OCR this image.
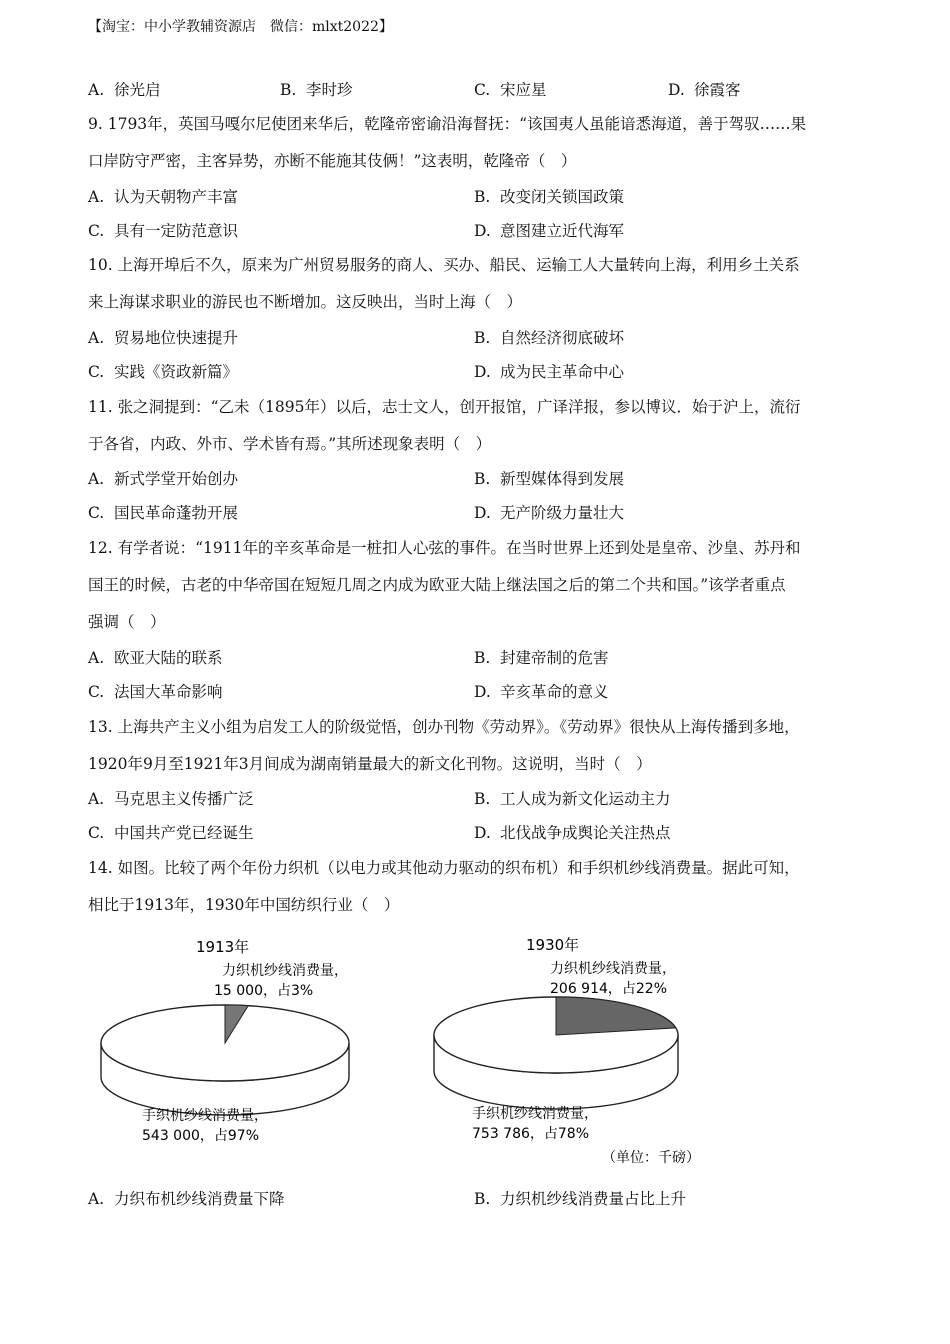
【淘宝：中小学教辅资源店　微信：mlxt2022】
A. 徐光启	B. 李时珍	C. 宋应星	D. 徐霞客
9. 1793年，英国马嘎尔尼使团来华后，乾隆帝密谕沿海督抚：“该国夷人虽能谙悉海道，善于驾驭……果
口岸防守严密，主客异势，亦断不能施其伎俩！”这表明，乾隆帝（　）
A. 认为天朝物产丰富	B. 改变闭关锁国政策
C. 具有一定防范意识	D. 意图建立近代海军
10. 上海开埠后不久，原来为广州贸易服务的商人、买办、船民、运输工人大量转向上海，利用乡土关系
来上海谋求职业的游民也不断增加。这反映出，当时上海（　）
A. 贸易地位快速提升	B. 自然经济彻底破坏
C. 实践《资政新篇》	D. 成为民主革命中心
11. 张之洞提到：“乙未（1895年）以后，志士文人，创开报馆，广译洋报，参以博议．始于沪上，流衍
于各省，内政、外市、学术皆有焉。”其所述现象表明（　）
A. 新式学堂开始创办	B. 新型媒体得到发展
C. 国民革命蓬勃开展	D. 无产阶级力量壮大
12. 有学者说：“1911年的辛亥革命是一桩扣人心弦的事件。在当时世界上还到处是皇帝、沙皇、苏丹和
国王的时候，古老的中华帝国在短短几周之内成为欧亚大陆上继法国之后的第二个共和国。”该学者重点
强调（　）
A. 欧亚大陆的联系	B. 封建帝制的危害
C. 法国大革命影响	D. 辛亥革命的意义
13. 上海共产主义小组为启发工人的阶级觉悟，创办刊物《劳动界》。《劳动界》很快从上海传播到多地，
1920年9月至1921年3月间成为湖南销量最大的新文化刊物。这说明，当时（　）
A. 马克思主义传播广泛	B. 工人成为新文化运动主力
C. 中国共产党已经诞生	D. 北伐战争成舆论关注热点
14. 如图。比较了两个年份力织机（以电力或其他动力驱动的织布机）和手织机纱线消费量。据此可知，
相比于1913年，1930年中国纺织行业（　）
1913年
力织机纱线消费量，
15 000，占3%
手织机纱线消费量，
543 000，占97%
1930年
力织机纱线消费量，
206 914，占22%
手织机纱线消费量，
753 786，占78%
（单位：千磅）
A. 力织布机纱线消费量下降	B. 力织机纱线消费量占比上升
